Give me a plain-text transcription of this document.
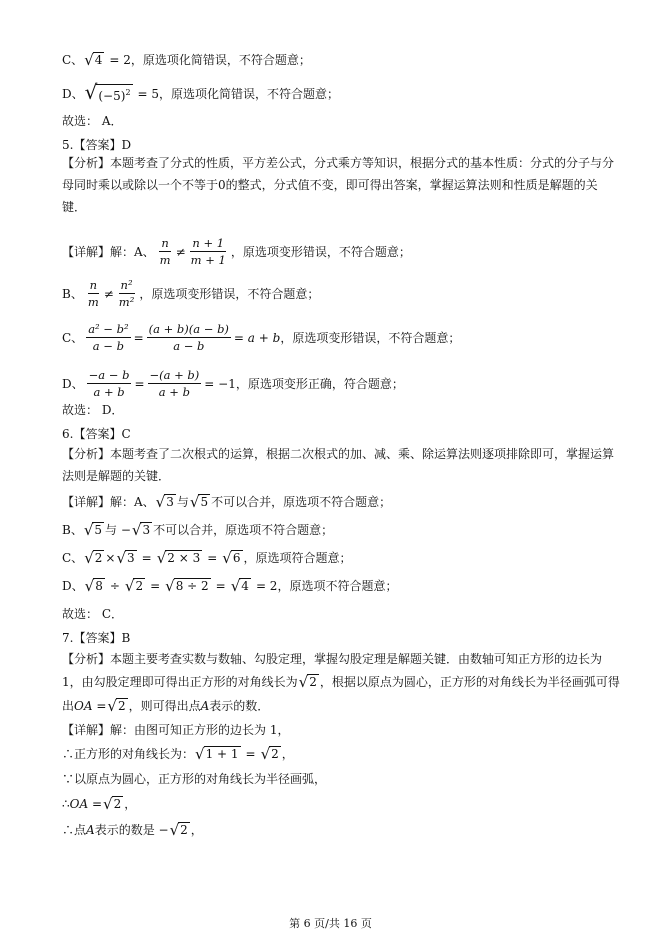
C、 √ 4 = 2 ，原选项化简错误，不符合题意；
D、 √ $(-5)^2 = 5$ ，原选项化简错误，不符合题意；
故选： A．
5.【答案】D
【分析】本题考查了分式的性质，平方差公式，分式乘方等知识，根据分式的基本性质：分式的分子与分母同时乘以或除以一个不等于0的整式，分式值不变，即可得出答案，掌握运算法则和性质是解题的关键．
【详解】解：A、 $\frac{n}{m} \ne \frac{n + 1}{m + 1}$ ，原选项变形错误，不符合题意；
B、 $\frac{n}{m} \ne \frac{\text{n²}}{\text{m²}}$ ，原选项变形错误，不符合题意；
C、 $\frac{\text{a² − b²}}{a - b} = \frac{(a + b)(a - b)}{a - b} = a + b$ ，原选项变形错误，不符合题意；
D、 $\frac{-a - b}{a + b} = \frac{-(a + b)}{a + b} = -1$ ，原选项变形正确，符合题意；
故选： D．
6.【答案】C
【分析】本题考查了二次根式的运算，根据二次根式的加、减、乘、除运算法则逐项排除即可，掌握运算法则是解题的关键．
【详解】解：A、 √ 3 与 √ 5 不可以合并，原选项不符合题意；
B、 √ 5 与 − √ 3 不可以合并，原选项不符合题意；
C、 √ 2 × √ 3 = √ 2 × 3 = √ 6 ，原选项符合题意；
D、 √ 8 ÷ √ 2 = √ 8 ÷ 2 = √ 4 = 2 ，原选项不符合题意；
故选： C．
7.【答案】B
【分析】本题主要考查实数与数轴、勾股定理，掌握勾股定理是解题关键．由数轴可知正方形的边长为
1，由勾股定理即可得出正方形的对角线长为 √ 2 ，根据以原点为圆心，正方形的对角线长为半径画弧可得
出 OA = √ 2 ，则可得出点 A 表示的数．
【详解】解：由图可知正方形的边长为 1，
∴正方形的对角线长为： √ 1 + 1 = √ 2 ，
∵以原点为圆心，正方形的对角线长为半径画弧，
∴ OA = √ 2 ，
∴点 A 表示的数是 − √ 2 ，
第 6 页/共 16 页
